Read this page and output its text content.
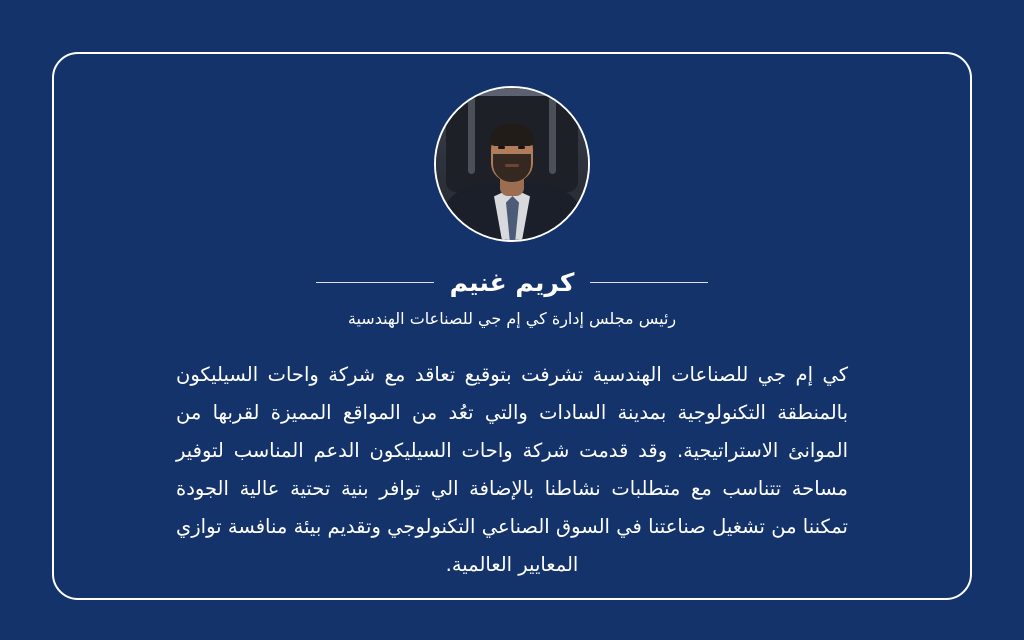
كريم غنيم
رئيس مجلس إدارة كي إم جي للصناعات الهندسية
كي إم جي للصناعات الهندسية تشرفت بتوقيع تعاقد مع شركة واحات السيليكون بالمنطقة التكنولوجية بمدينة السادات والتي تعُد من المواقع المميزة لقربها من الموانئ الاستراتيجية. وقد قدمت شركة واحات السيليكون الدعم المناسب لتوفير مساحة تتناسب مع متطلبات نشاطنا بالإضافة الي توافر بنية تحتية عالية الجودة تمكننا من تشغيل صناعتنا في السوق الصناعي التكنولوجي وتقديم بيئة منافسة توازي المعايير العالمية.
